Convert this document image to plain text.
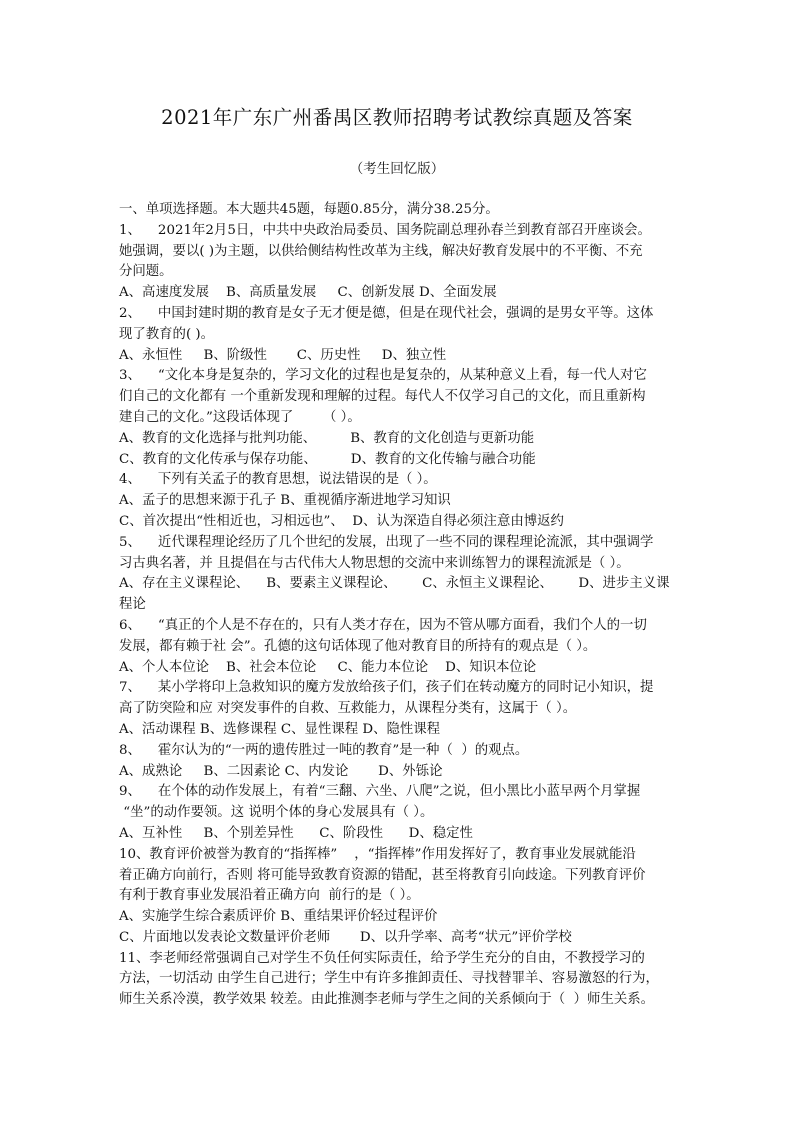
2021年广东广州番禺区教师招聘考试教综真题及答案
（考生回忆版）

一、单项选择题。本大题共45题，每题0.85分，满分38.25分。

1、    2021年2月5日，中共中央政治局委员、国务院副总理孙春兰到教育部召开座谈会。

她强调，要以( )为主题，以供给侧结构性改革为主线，解决好教育发展中的不平衡、不充

分问题。

A、高速度发展    B、高质量发展     C、创新发展 D、全面发展

2、    中国封建时期的教育是女子无才便是德，但是在现代社会，强调的是男女平等。这体

现了教育的( )。

A、永恒性     B、阶级性       C、历史性     D、独立性

3、    “文化本身是复杂的，学习文化的过程也是复杂的，从某种意义上看，每一代人对它

们自己的文化都有 一个重新发现和理解的过程。每代人不仅学习自己的文化，而且重新构

建自己的文化。”这段话体现了       （ ）。

A、教育的文化选择与批判功能、        B、教育的文化创造与更新功能

C、教育的文化传承与保存功能、        D、教育的文化传输与融合功能

4、    下列有关孟子的教育思想，说法错误的是（ ）。

A、孟子的思想来源于孔子 B、重视循序渐进地学习知识

C、首次提出“性相近也，习相远也”、  D、认为深造自得必须注意由博返约

5、    近代课程理论经历了几个世纪的发展，出现了一些不同的课程理论流派，其中强调学

习古典名著，并 且提倡在与古代伟大人物思想的交流中来训练智力的课程流派是（ ）。

A、存在主义课程论、    B、要素主义课程论、      C、永恒主义课程论、      D、进步主义课

程论

6、    “真正的个人是不存在的，只有人类才存在，因为不管从哪方面看，我们个人的一切

发展，都有赖于社 会”。孔德的这句话体现了他对教育目的所持有的观点是（ ）。

A、个人本位论    B、社会本位论     C、能力本位论    D、知识本位论

7、    某小学将印上急救知识的魔方发放给孩子们，孩子们在转动魔方的同时记小知识，提

高了防突险和应 对突发事件的自救、互救能力，从课程分类有，这属于（ ）。

A、活动课程 B、选修课程 C、显性课程 D、隐性课程

8、    霍尔认为的“一两的遗传胜过一吨的教育”是一种（  ）的观点。

A、成熟论     B、二因素论 C、内发论       D、外铄论

9、    在个体的动作发展上，有着“三翻、六坐、八爬”之说，但小黑比小蓝早两个月掌握

“坐”的动作要领。这 说明个体的身心发展具有（ ）。

A、互补性     B、个别差异性      C、阶段性      D、稳定性

10、教育评价被誉为教育的“指挥棒”    ，“指挥棒”作用发挥好了，教育事业发展就能沿

着正确方向前行，否则 将可能导致教育资源的错配，甚至将教育引向歧途。下列教育评价

有利于教育事业发展沿着正确方向  前行的是（ ）。

A、实施学生综合素质评价 B、重结果评价轻过程评价

C、片面地以发表论文数量评价老师       D、以升学率、高考“状元”评价学校

11、李老师经常强调自己对学生不负任何实际责任，给予学生充分的自由，不教授学习的

方法，一切活动 由学生自己进行；学生中有许多推卸责任、寻找替罪羊、容易激怒的行为，

师生关系冷漠，教学效果 较差。由此推测李老师与学生之间的关系倾向于（  ）师生关系。
